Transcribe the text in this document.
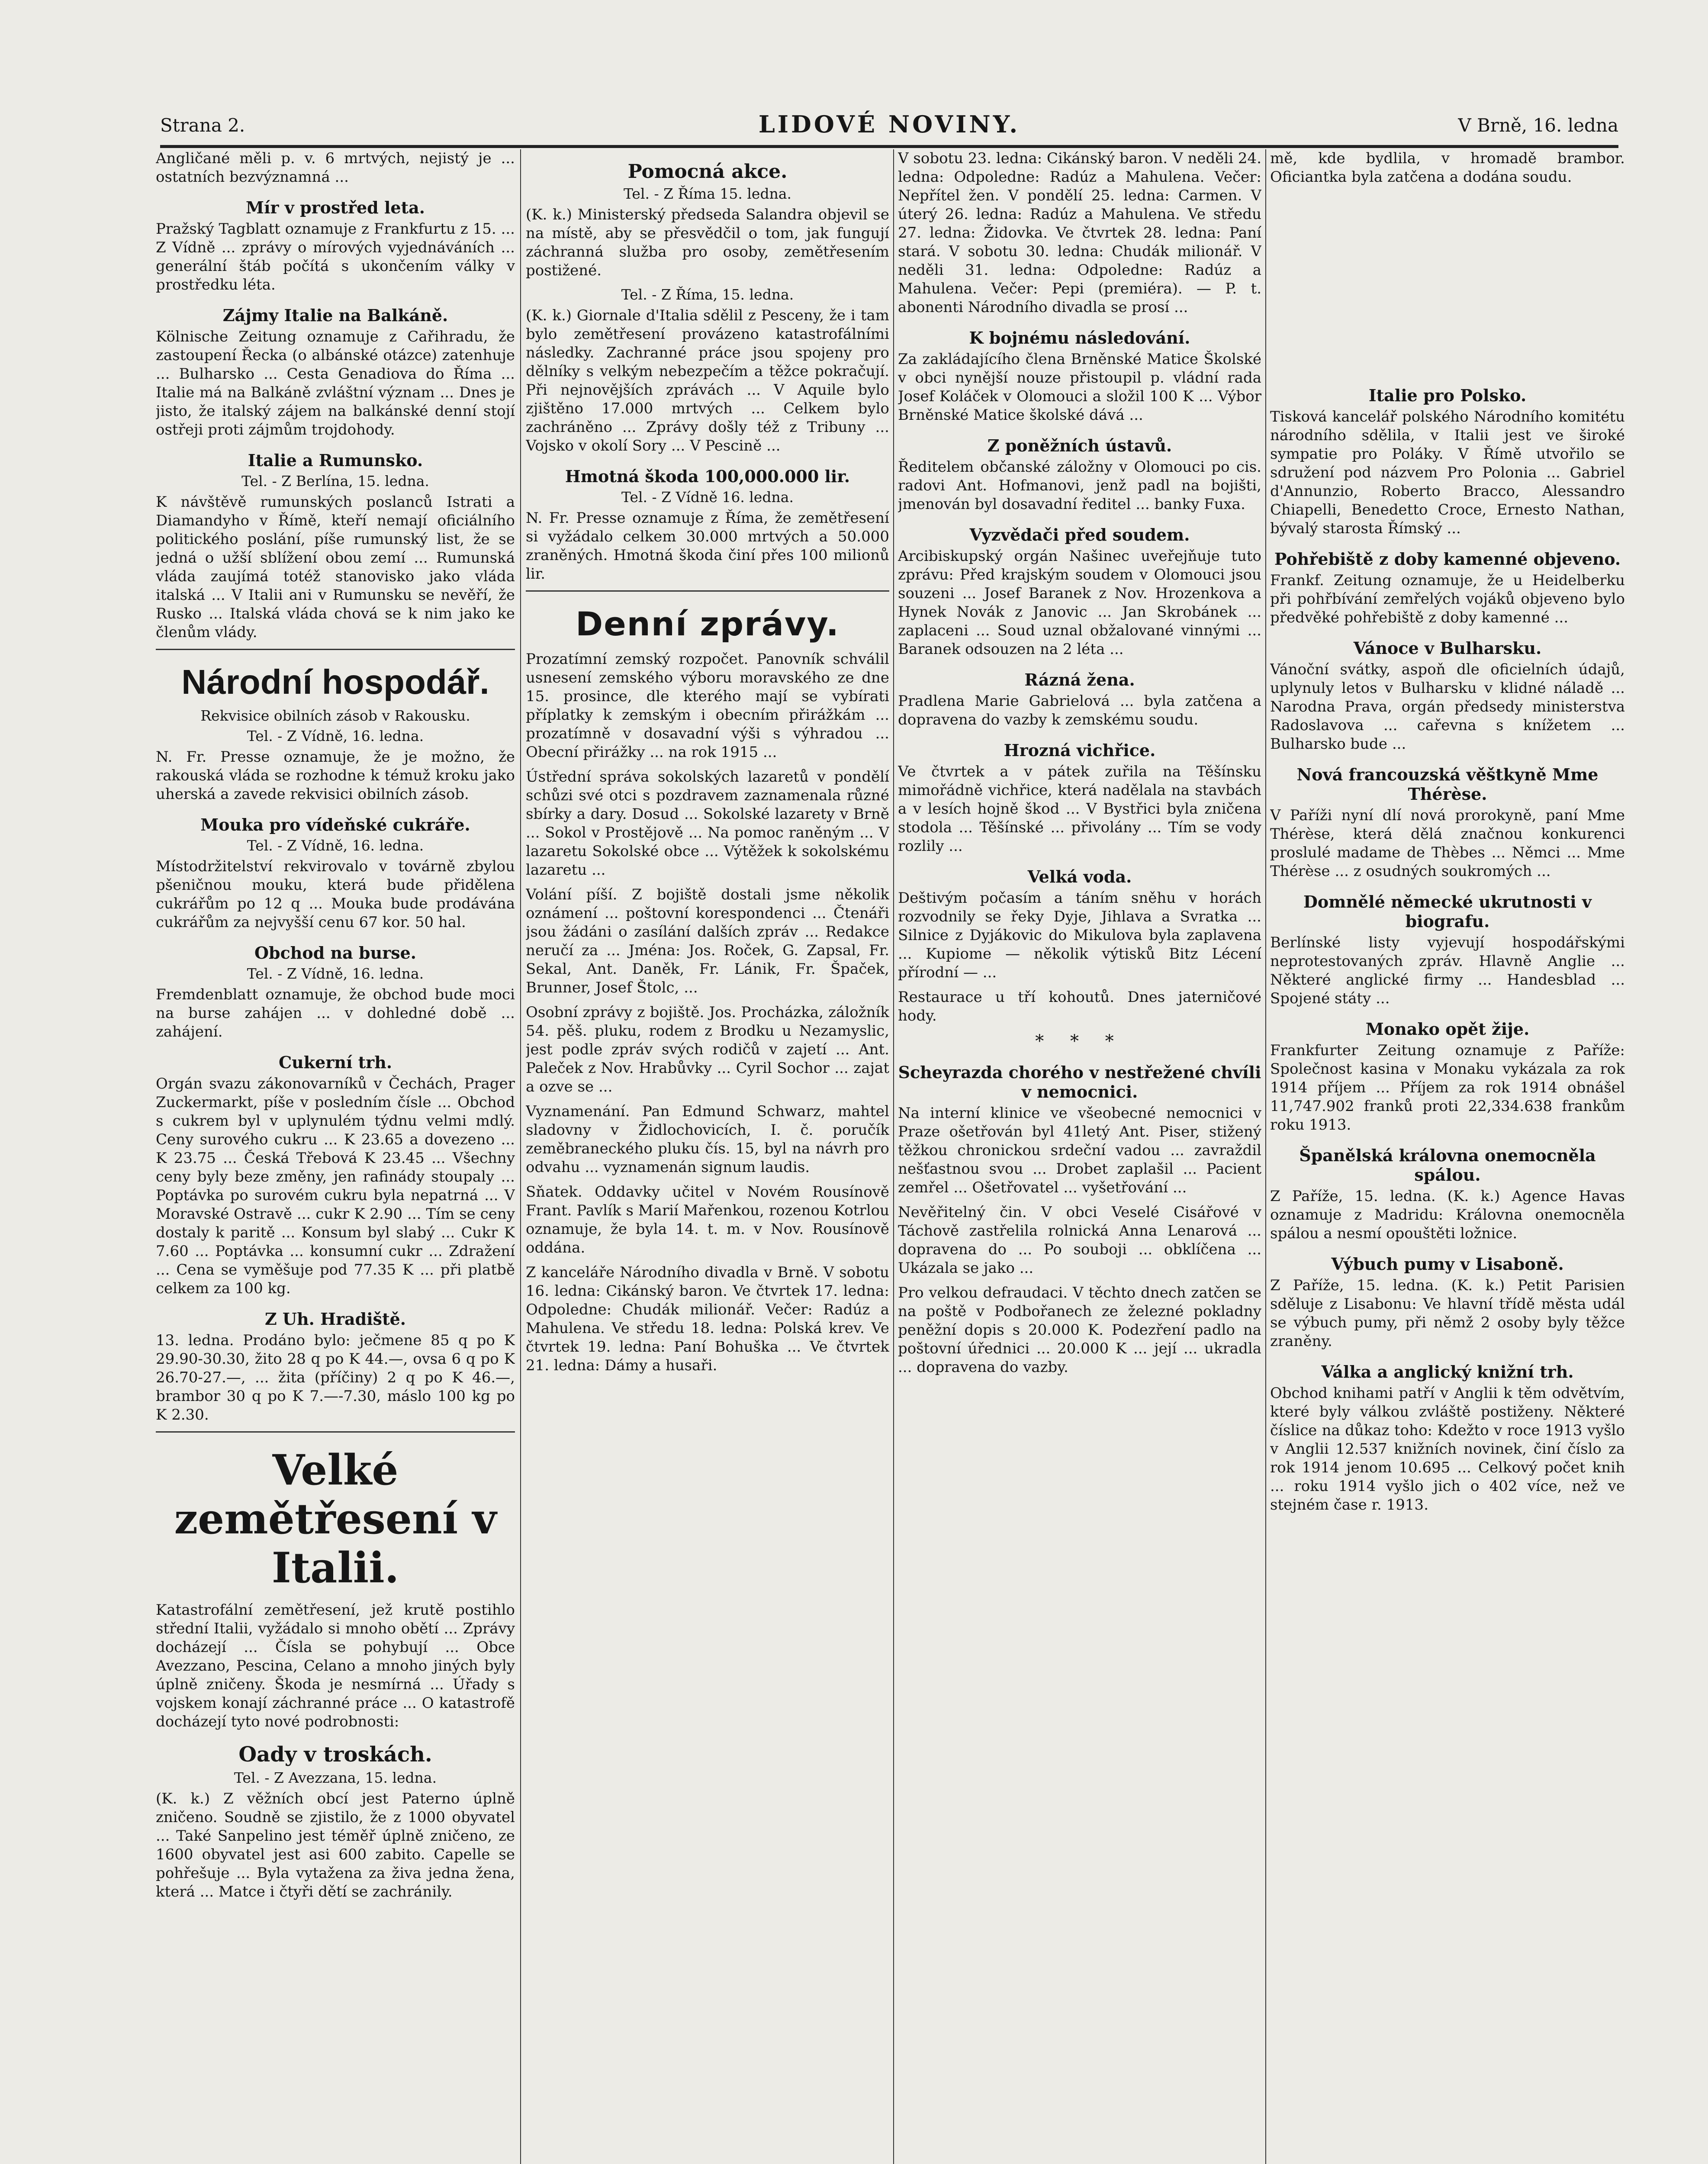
Strana 2.	LIDOVÉ NOVINY.	V Brně, 16. ledna

Angličané měli p. v. 6 mrtvých, nejistý je ... ostatních bezvýznamná ...

Mír v prostřed leta.

Pražský Tagblatt oznamuje z Frankfurtu z 15. ... Z Vídně ... zprávy o mírových vyjednáváních ... generální štáb počítá s ukončením války v prostředku léta.

Zájmy Italie na Balkáně.

Kölnische Zeitung oznamuje z Cařihradu, že zastoupení Řecka (o albánské otázce) zatenhuje ... Bulharsko ... Cesta Genadiova do Říma ... Italie má na Balkáně zvláštní význam ... Dnes je jisto, že italský zájem na balkánské denní stojí ostřeji proti zájmům trojdohody.

Italie a Rumunsko.
Tel. - Z Berlína, 15. ledna.

K návštěvě rumunských poslanců Istrati a Diamandyho v Římě, kteří nemají oficiálního politického poslání, píše rumunský list, že se jedná o užší sblížení obou zemí ... Rumunská vláda zaujímá totéž stanovisko jako vláda italská ... V Italii ani v Rumunsku se nevěří, že Rusko ... Italská vláda chová se k nim jako ke členům vlády.

Národní hospodář.
Rekvisice obilních zásob v Rakousku.
Tel. - Z Vídně, 16. ledna.

N. Fr. Presse oznamuje, že je možno, že rakouská vláda se rozhodne k témuž kroku jako uherská a zavede rekvisici obilních zásob.

Mouka pro vídeňské cukráře.
Tel. - Z Vídně, 16. ledna.

Místodržitelství rekvirovalo v továrně zbylou pšeničnou mouku, která bude přidělena cukrářům po 12 q ... Mouka bude prodávána cukrářům za nejvyšší cenu 67 kor. 50 hal.

Obchod na burse.
Tel. - Z Vídně, 16. ledna.

Fremdenblatt oznamuje, že obchod bude moci na burse zahájen ... v dohledné době ... zahájení.

Cukerní trh.

Orgán svazu zákonovarníků v Čechách, Prager Zuckermarkt, píše v posledním čísle ... Obchod s cukrem byl v uplynulém týdnu velmi mdlý. Ceny surového cukru ... K 23.65 a dovezeno ... K 23.75 ... Česká Třebová K 23.45 ... Všechny ceny byly beze změny, jen rafinády stoupaly ... Poptávka po surovém cukru byla nepatrná ... V Moravské Ostravě ... cukr K 2.90 ... Tím se ceny dostaly k paritě ... Konsum byl slabý ... Cukr K 7.60 ... Poptávka ... konsumní cukr ... Zdražení ... Cena se vyměšuje pod 77.35 K ... při platbě celkem za 100 kg.

Z Uh. Hradiště.

13. ledna. Prodáno bylo: ječmene 85 q po K 29.90-30.30, žito 28 q po K 44.—, ovsa 6 q po K 26.70-27.—, ... žita (příčiny) 2 q po K 46.—, brambor 30 q po K 7.—-7.30, máslo 100 kg po K 2.30.

Velké zemětřesení v Italii.

Katastrofální zemětřesení, jež krutě postihlo střední Italii, vyžádalo si mnoho obětí ... Zprávy docházejí ... Čísla se pohybují ... Obce Avezzano, Pescina, Celano a mnoho jiných byly úplně zničeny. Škoda je nesmírná ... Úřady s vojskem konají záchranné práce ... O katastrofě docházejí tyto nové podrobnosti:

Oady v troskách.
Tel. - Z Avezzana, 15. ledna.

(K. k.) Z věžních obcí jest Paterno úplně zničeno. Soudně se zjistilo, že z 1000 obyvatel ... Také Sanpelino jest téměř úplně zničeno, ze 1600 obyvatel jest asi 600 zabito. Capelle se pohřešuje ... Byla vytažena za živa jedna žena, která ... Matce i čtyři dětí se zachránily.

Pomocná akce.
Tel. - Z Říma 15. ledna.

(K. k.) Ministerský předseda Salandra objevil se na místě, aby se přesvědčil o tom, jak fungují záchranná služba pro osoby, zemětřesením postižené.

Tel. - Z Říma, 15. ledna.

(K. k.) Giornale d'Italia sdělil z Pesceny, že i tam bylo zemětřesení provázeno katastrofálními následky. Zachranné práce jsou spojeny pro dělníky s velkým nebezpečím a těžce pokračují. Při nejnovějších zprávách ... V Aquile bylo zjištěno 17.000 mrtvých ... Celkem bylo zachráněno ... Zprávy došly též z Tribuny ... Vojsko v okolí Sory ... V Pescině ...

Hmotná škoda 100,000.000 lir.
Tel. - Z Vídně 16. ledna.

N. Fr. Presse oznamuje z Říma, že zemětřesení si vyžádalo celkem 30.000 mrtvých a 50.000 zraněných. Hmotná škoda činí přes 100 milionů lir.

Denní zprávy.

Prozatímní zemský rozpočet. Panovník schválil usnesení zemského výboru moravského ze dne 15. prosince, dle kterého mají se vybírati příplatky k zemským i obecním přirážkám ... prozatímně v dosavadní výši s výhradou ... Obecní přirážky ... na rok 1915 ...

Ústřední správa sokolských lazaretů v pondělí schůzi své otci s pozdravem zaznamenala různé sbírky a dary. Dosud ... Sokolské lazarety v Brně ... Sokol v Prostějově ... Na pomoc raněným ... V lazaretu Sokolské obce ... Výtěžek k sokolskému lazaretu ...

Volání píší. Z bojiště dostali jsme několik oznámení ... poštovní korespondenci ... Čtenáři jsou žádáni o zasílání dalších zpráv ... Redakce neručí za ... Jména: Jos. Roček, G. Zapsal, Fr. Sekal, Ant. Daněk, Fr. Lánik, Fr. Špaček, Brunner, Josef Štolc, ...

Osobní zprávy z bojiště. Jos. Procházka, záložník 54. pěš. pluku, rodem z Brodku u Nezamyslic, jest podle zpráv svých rodičů v zajetí ... Ant. Paleček z Nov. Hrabůvky ... Cyril Sochor ... zajat a ozve se ...

Vyznamenání. Pan Edmund Schwarz, mahtel sladovny v Židlochovicích, I. č. poručík zeměbraneckého pluku čís. 15, byl na návrh pro odvahu ... vyznamenán signum laudis.

Sňatek. Oddavky učitel v Novém Rousínově Frant. Pavlík s Marií Mařenkou, rozenou Kotrlou oznamuje, že byla 14. t. m. v Nov. Rousínově oddána.

Z kanceláře Národního divadla v Brně. V sobotu 16. ledna: Cikánský baron. Ve čtvrtek 17. ledna: Odpoledne: Chudák milionář. Večer: Radúz a Mahulena. Ve středu 18. ledna: Polská krev. Ve čtvrtek 19. ledna: Paní Bohuška ... Ve čtvrtek 21. ledna: Dámy a husaři.

V sobotu 23. ledna: Cikánský baron. V neděli 24. ledna: Odpoledne: Radúz a Mahulena. Večer: Nepřítel žen. V pondělí 25. ledna: Carmen. V úterý 26. ledna: Radúz a Mahulena. Ve středu 27. ledna: Židovka. Ve čtvrtek 28. ledna: Paní stará. V sobotu 30. ledna: Chudák milionář. V neděli 31. ledna: Odpoledne: Radúz a Mahulena. Večer: Pepi (premiéra). — P. t. abonenti Národního divadla se prosí ...

K bojnému následování.

Za zakládajícího člena Brněnské Matice Školské v obci nynější nouze přistoupil p. vládní rada Josef Koláček v Olomouci a složil 100 K ... Výbor Brněnské Matice školské dává ...

Z poněžních ústavů.

Ředitelem občanské záložny v Olomouci po cis. radovi Ant. Hofmanovi, jenž padl na bojišti, jmenován byl dosavadní ředitel ... banky Fuxa.

Vyzvědači před soudem.

Arcibiskupský orgán Našinec uveřejňuje tuto zprávu: Před krajským soudem v Olomouci jsou souzeni ... Josef Baranek z Nov. Hrozenkova a Hynek Novák z Janovic ... Jan Skrobánek ... zaplaceni ... Soud uznal obžalované vinnými ... Baranek odsouzen na 2 léta ...

Rázná žena.

Pradlena Marie Gabrielová ... byla zatčena a dopravena do vazby k zemskému soudu.

Hrozná vichřice.

Ve čtvrtek a v pátek zuřila na Těšínsku mimořádně vichřice, která nadělala na stavbách a v lesích hojně škod ... V Bystřici byla zničena stodola ... Těšínské ... přivolány ... Tím se vody rozlily ...

Velká voda.

Deštivým počasím a táním sněhu v horách rozvodnily se řeky Dyje, Jihlava a Svratka ... Silnice z Dyjákovic do Mikulova byla zaplavena ... Kupiome — několik výtisků Bitz Lécení přírodní — ...

Restaurace u tří kohoutů. Dnes jaterničové hody.

* * *
Scheyrazda chorého v nestřežené chvíli v nemocnici.

Na interní klinice ve všeobecné nemocnici v Praze ošetřován byl 41letý Ant. Piser, stižený těžkou chronickou srdeční vadou ... zavraždil nešťastnou svou ... Drobet zaplašil ... Pacient zemřel ... Ošetřovatel ... vyšetřování ...

Nevěřitelný čin. V obci Veselé Cisářové v Táchově zastřelila rolnická Anna Lenarová ... dopravena do ... Po souboji ... obklíčena ... Ukázala se jako ...

Pro velkou defraudaci. V těchto dnech zatčen se na poště v Podbořanech ze železné pokladny peněžní dopis s 20.000 K. Podezření padlo na poštovní úřednici ... 20.000 K ... její ... ukradla ... dopravena do vazby.

mě, kde bydlila, v hromadě brambor. Oficiantka byla zatčena a dodána soudu.

Italie pro Polsko.

Tisková kancelář polského Národního komitétu národního sdělila, v Italii jest ve široké sympatie pro Poláky. V Římě utvořilo se sdružení pod názvem Pro Polonia ... Gabriel d'Annunzio, Roberto Bracco, Alessandro Chiapelli, Benedetto Croce, Ernesto Nathan, bývalý starosta Římský ...

Pohřebiště z doby kamenné objeveno.

Frankf. Zeitung oznamuje, že u Heidelberku při pohřbívání zemřelých vojáků objeveno bylo předvěké pohřebiště z doby kamenné ...

Vánoce v Bulharsku.

Vánoční svátky, aspoň dle oficielních údajů, uplynuly letos v Bulharsku v klidné náladě ... Narodna Prava, orgán předsedy ministerstva Radoslavova ... cařevna s knížetem ... Bulharsko bude ...

Nová francouzská věštkyně Mme Thérèse.

V Paříži nyní dlí nová prorokyně, paní Mme Thérèse, která dělá značnou konkurenci proslulé madame de Thèbes ... Němci ... Mme Thérèse ... z osudných soukromých ...

Domnělé německé ukrutnosti v biografu.

Berlínské listy vyjevují hospodářskými neprotestovaných zpráv. Hlavně Anglie ... Některé anglické firmy ... Handesblad ... Spojené státy ...

Monako opět žije.

Frankfurter Zeitung oznamuje z Paříže: Společnost kasina v Monaku vykázala za rok 1914 příjem ... Příjem za rok 1914 obnášel 11,747.902 franků proti 22,334.638 frankům roku 1913.

Španělská královna onemocněla spálou.

Z Paříže, 15. ledna. (K. k.) Agence Havas oznamuje z Madridu: Královna onemocněla spálou a nesmí opouštěti ložnice.

Výbuch pumy v Lisaboně.

Z Paříže, 15. ledna. (K. k.) Petit Parisien sděluje z Lisabonu: Ve hlavní třídě města udál se výbuch pumy, při němž 2 osoby byly těžce zraněny.

Válka a anglický knižní trh.

Obchod knihami patří v Anglii k těm odvětvím, které byly válkou zvláště postiženy. Některé číslice na důkaz toho: Kdežto v roce 1913 vyšlo v Anglii 12.537 knižních novinek, činí číslo za rok 1914 jenom 10.695 ... Celkový počet knih ... roku 1914 vyšlo jich o 402 více, než ve stejném čase r. 1913.
